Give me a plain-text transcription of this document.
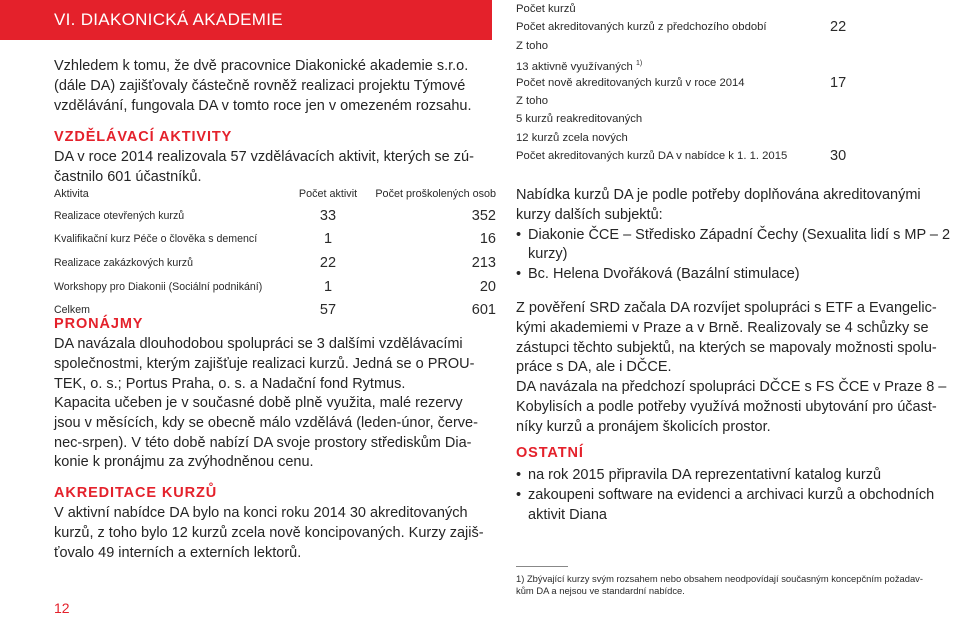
VI. DIAKONICKÁ AKADEMIE
Vzhledem k tomu, že dvě pracovnice Diakonické akademie s.r.o.
(dále DA) zajišťovaly částečně rovněž realizaci projektu Týmové
vzdělávání, fungovala DA v tomto roce jen v omezeném rozsahu.
VZDĚLÁVACÍ AKTIVITY
DA v roce 2014 realizovala 57 vzdělávacích aktivit, kterých se zú-
častnilo 601 účastníků.
Aktivita	Počet aktivit	Počet proškolených osob
Realizace otevřených kurzů	33	352
Kvalifikační kurz Péče o člověka s demencí	1	16
Realizace zakázkových kurzů	22	213
Workshopy pro Diakonii (Sociální podnikání)	1	20
Celkem	57	601
PRONÁJMY
DA navázala dlouhodobou spolupráci se 3 dalšími vzdělávacími
společnostmi, kterým zajišťuje realizaci kurzů. Jedná se o PROU-
TEK, o. s.; Portus Praha, o. s. a Nadační fond Rytmus.
Kapacita učeben je v současné době plně využita, malé rezervy
jsou v měsících, kdy se obecně málo vzdělává (leden-únor, červe-
nec-srpen). V této době nabízí DA svoje prostory střediskům Dia-
konie k pronájmu za zvýhodněnou cenu.
AKREDITACE KURZŮ
V aktivní nabídce DA bylo na konci roku 2014 30 akreditovaných
kurzů, z toho bylo 12 kurzů zcela nově koncipovaných. Kurzy zajiš-
ťovalo 49 interních a externích lektorů.
12
Počet kurzů
Počet akreditovaných kurzů z předchozího období	22
Z toho
13 aktivně využívaných $^{1)}$
Počet nově akreditovaných kurzů v roce 2014	17
Z toho
5 kurzů reakreditovaných
12 kurzů zcela nových
Počet akreditovaných kurzů DA v nabídce k 1. 1. 2015	30
Nabídka kurzů DA je podle potřeby doplňována akreditovanými
kurzy dalších subjektů:
• Diakonie ČCE – Středisko Západní Čechy (Sexualita lidí s MP – 2 kurzy)
• Bc. Helena Dvořáková (Bazální stimulace)
Z pověření SRD začala DA rozvíjet spolupráci s ETF a Evangelic-
kými akademiemi v Praze a v Brně. Realizovaly se 4 schůzky se
zástupci těchto subjektů, na kterých se mapovaly možnosti spolu-
práce s DA, ale i DČCE.
DA navázala na předchozí spolupráci DČCE s FS ČCE v Praze 8 –
Kobylisích a podle potřeby využívá možnosti ubytování pro účast-
níky kurzů a pronájem školicích prostor.
OSTATNÍ
• na rok 2015 připravila DA reprezentativní katalog kurzů
• zakoupeni software na evidenci a archivaci kurzů a obchodních aktivit Diana
1) Zbývající kurzy svým rozsahem nebo obsahem neodpovídají současným koncepčním požadav-
kům DA a nejsou ve standardní nabídce.
